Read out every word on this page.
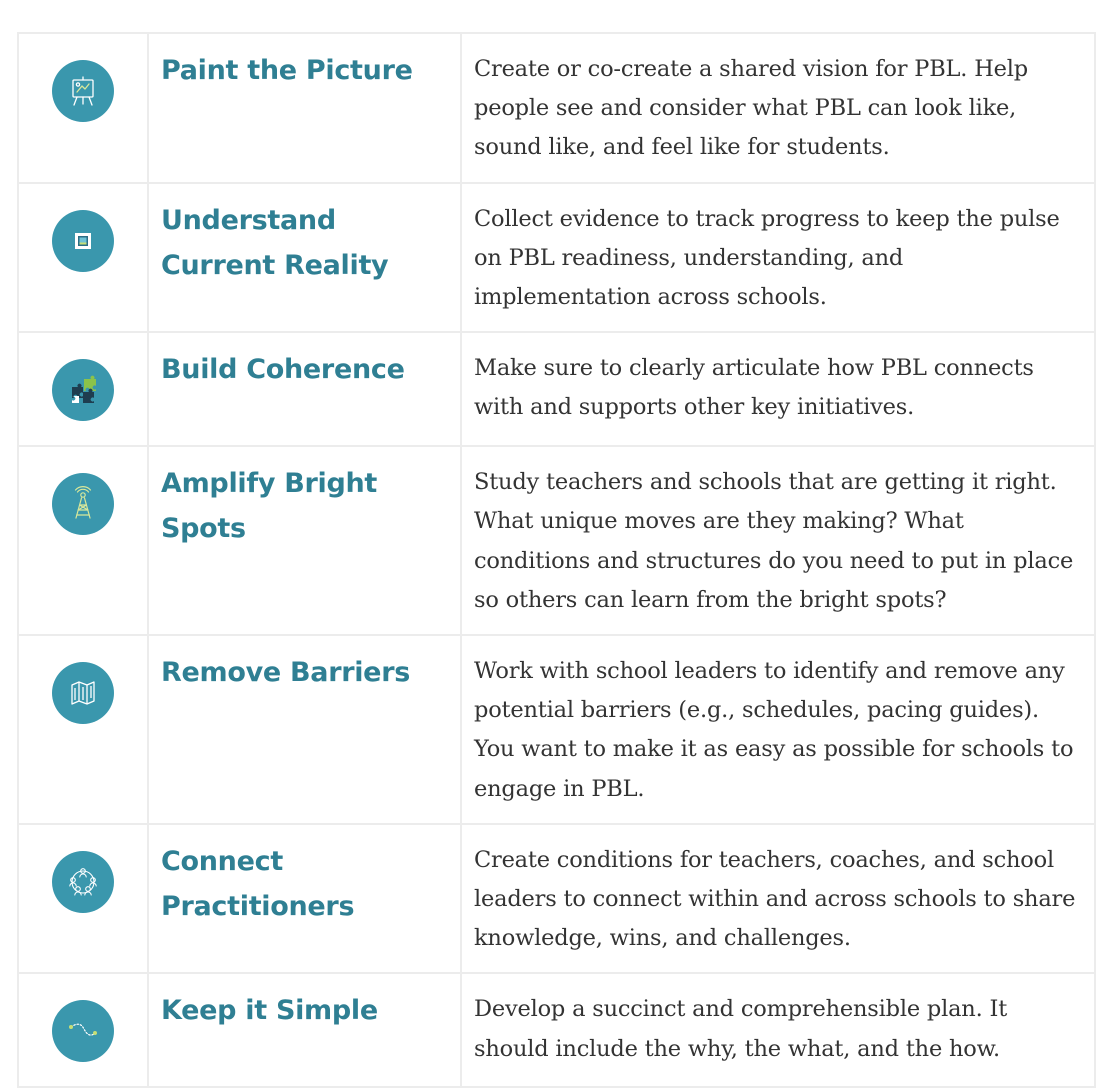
Paint the Picture	Create or co-create a shared vision for PBL. Help people see and consider what PBL can look like, sound like, and feel like for students.

Understand Current Reality	Collect evidence to track progress to keep the pulse on PBL readiness, understanding, and implementation across schools.

Build Coherence	Make sure to clearly articulate how PBL connects with and supports other key initiatives.

Amplify Bright Spots	Study teachers and schools that are getting it right. What unique moves are they making? What conditions and structures do you need to put in place so others can learn from the bright spots?

Remove Barriers	Work with school leaders to identify and remove any potential barriers (e.g., schedules, pacing guides). You want to make it as easy as possible for schools to engage in PBL.

Connect Practitioners	Create conditions for teachers, coaches, and school leaders to connect within and across schools to share knowledge, wins, and challenges.

Keep it Simple	Develop a succinct and comprehensible plan. It should include the why, the what, and the how.
